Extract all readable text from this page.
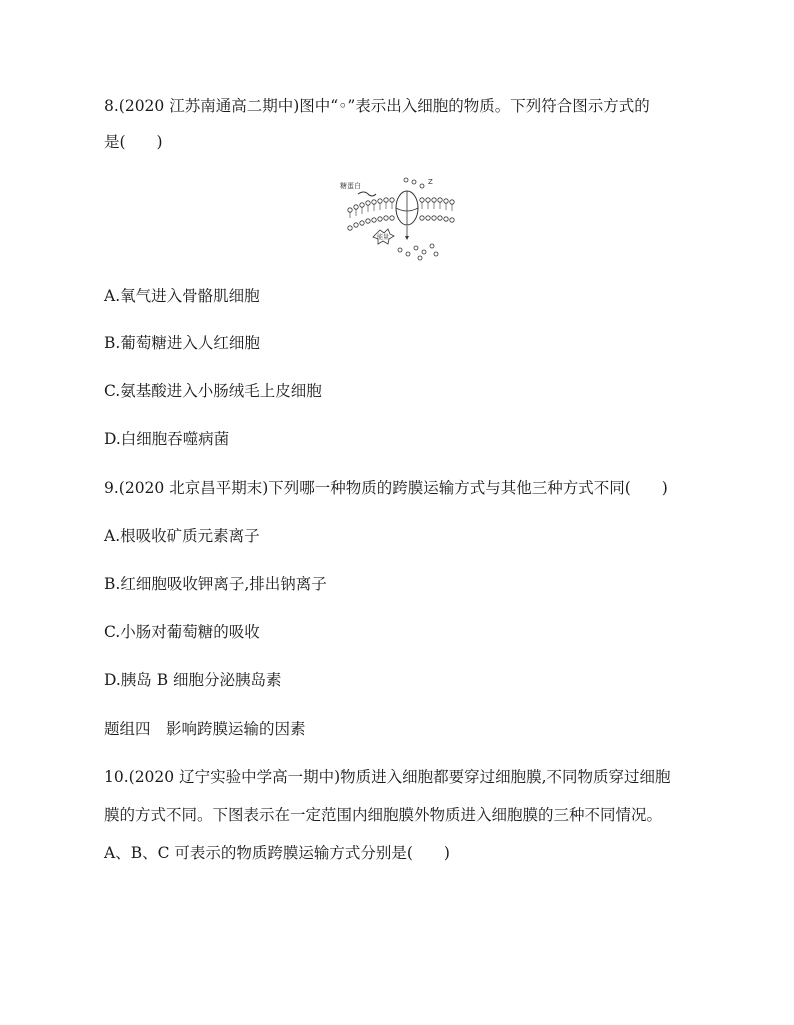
8.(2020 江苏南通高二期中)图中“◦”表示出入细胞的物质。下列符合图示方式的
是(　　)
糖蛋白
能量
Z
A.氧气进入骨骼肌细胞
B.葡萄糖进入人红细胞
C.氨基酸进入小肠绒毛上皮细胞
D.白细胞吞噬病菌
9.(2020 北京昌平期末)下列哪一种物质的跨膜运输方式与其他三种方式不同(　　)
A.根吸收矿质元素离子
B.红细胞吸收钾离子,排出钠离子
C.小肠对葡萄糖的吸收
D.胰岛 B 细胞分泌胰岛素
题组四　影响跨膜运输的因素
10.(2020 辽宁实验中学高一期中)物质进入细胞都要穿过细胞膜,不同物质穿过细胞
膜的方式不同。下图表示在一定范围内细胞膜外物质进入细胞膜的三种不同情况。
A、B、C 可表示的物质跨膜运输方式分别是(　　)
